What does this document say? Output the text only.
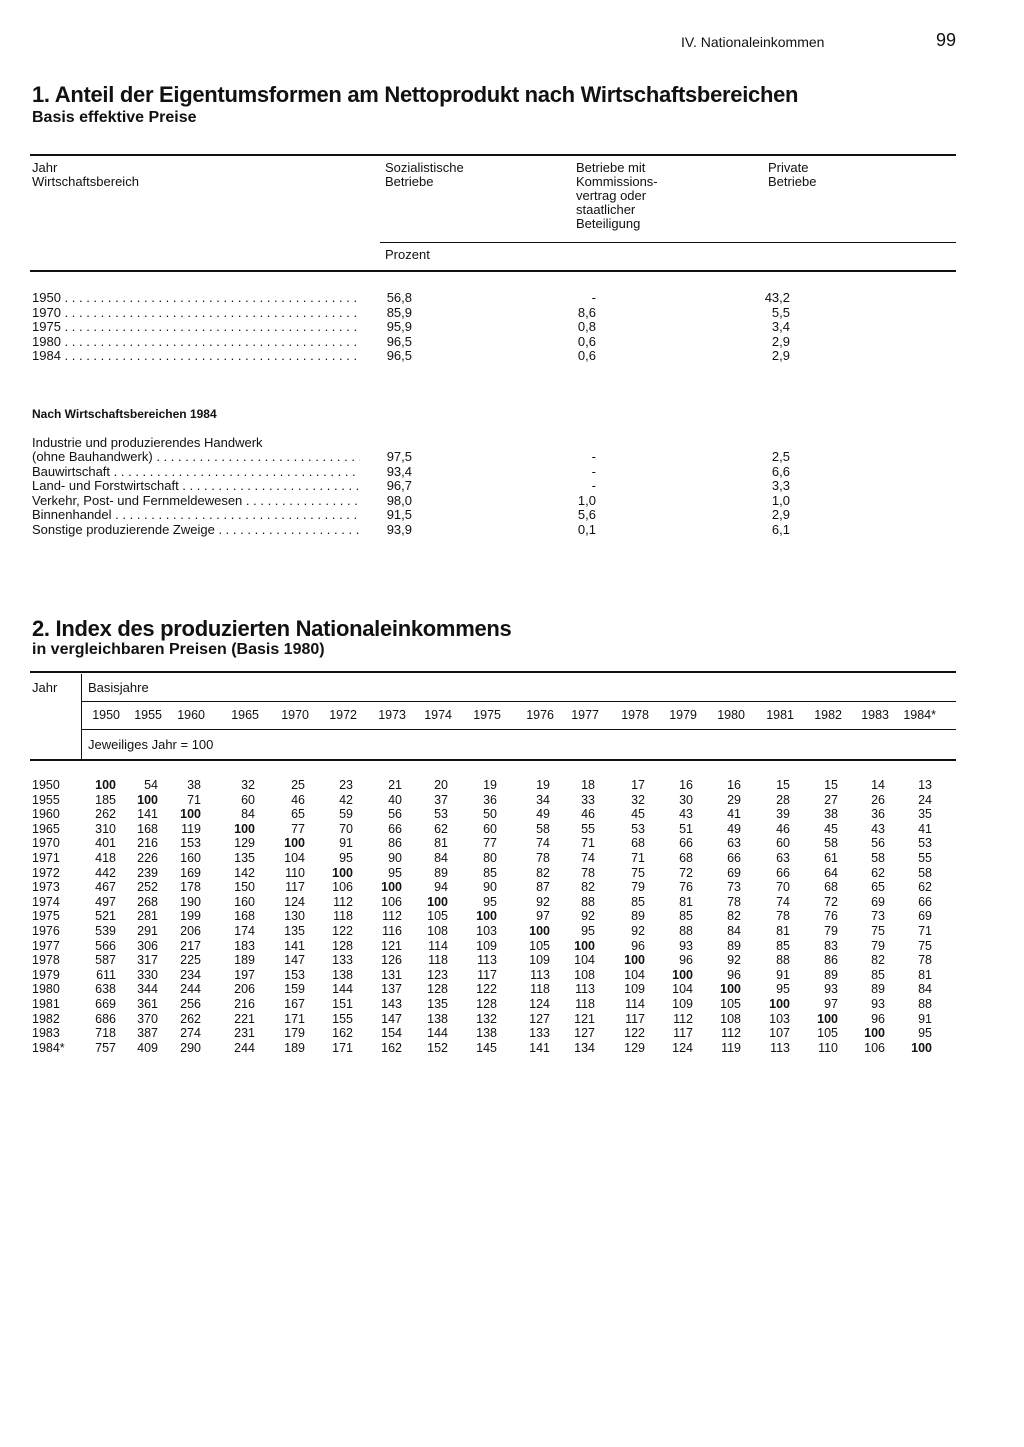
IV. Nationaleinkommen	99
1. Anteil der Eigentumsformen am Nettoprodukt nach Wirtschaftsbereichen
Basis effektive Preise
Jahr
Wirtschaftsbereich
Sozialistische
Betriebe
Betriebe mit
Kommissions-
vertrag oder
staatlicher
Beteiligung
Private
Betriebe
Prozent
1950 . . .	56,8	-	43,2
1970 . . .	85,9	8,6	5,5
1975 . . .	95,9	0,8	3,4
1980 . . .	96,5	0,6	2,9
1984 . . .	96,5	0,6	2,9
Nach Wirtschaftsbereichen 1984
Industrie und produzierendes Handwerk
(ohne Bauhandwerk) . . .	97,5	-	2,5
Bauwirtschaft . . .	93,4	-	6,6
Land- und Forstwirtschaft . . .	96,7	-	3,3
Verkehr, Post- und Fernmeldewesen . . .	98,0	1,0	1,0
Binnenhandel . . .	91,5	5,6	2,9
Sonstige produzierende Zweige . . .	93,9	0,1	6,1
2. Index des produzierten Nationaleinkommens
in vergleichbaren Preisen (Basis 1980)
Jahr Basisjahre
1950	1955	1960	1965	1970	1972	1973	1974	1975	1976	1977	1978	1979	1980	1981	1982	1983	1984*
Jeweiliges Jahr = 100
1950	100	54	38	32	25	23	21	20	19	19	18	17	16	16	15	15	14	13
1955	185	100	71	60	46	42	40	37	36	34	33	32	30	29	28	27	26	24
1960	262	141	100	84	65	59	56	53	50	49	46	45	43	41	39	38	36	35
1965	310	168	119	100	77	70	66	62	60	58	55	53	51	49	46	45	43	41
1970	401	216	153	129	100	91	86	81	77	74	71	68	66	63	60	58	56	53
1971	418	226	160	135	104	95	90	84	80	78	74	71	68	66	63	61	58	55
1972	442	239	169	142	110	100	95	89	85	82	78	75	72	69	66	64	62	58
1973	467	252	178	150	117	106	100	94	90	87	82	79	76	73	70	68	65	62
1974	497	268	190	160	124	112	106	100	95	92	88	85	81	78	74	72	69	66
1975	521	281	199	168	130	118	112	105	100	97	92	89	85	82	78	76	73	69
1976	539	291	206	174	135	122	116	108	103	100	95	92	88	84	81	79	75	71
1977	566	306	217	183	141	128	121	114	109	105	100	96	93	89	85	83	79	75
1978	587	317	225	189	147	133	126	118	113	109	104	100	96	92	88	86	82	78
1979	611	330	234	197	153	138	131	123	117	113	108	104	100	96	91	89	85	81
1980	638	344	244	206	159	144	137	128	122	118	113	109	104	100	95	93	89	84
1981	669	361	256	216	167	151	143	135	128	124	118	114	109	105	100	97	93	88
1982	686	370	262	221	171	155	147	138	132	127	121	117	112	108	103	100	96	91
1983	718	387	274	231	179	162	154	144	138	133	127	122	117	112	107	105	100	95
1984*	757	409	290	244	189	171	162	152	145	141	134	129	124	119	113	110	106	100
